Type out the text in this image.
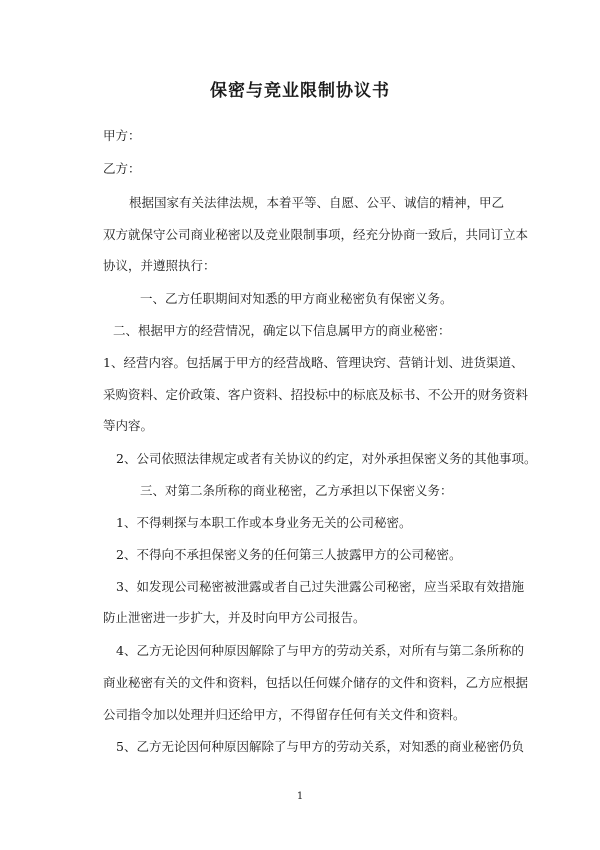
保密与竞业限制协议书
甲方：
乙方：
根据国家有关法律法规，本着平等、自愿、公平、诚信的精神，甲乙
双方就保守公司商业秘密以及竞业限制事项，经充分协商一致后，共同订立本
协议，并遵照执行：
一、乙方任职期间对知悉的甲方商业秘密负有保密义务。
二、根据甲方的经营情况，确定以下信息属甲方的商业秘密：
1、经营内容。包括属于甲方的经营战略、管理诀窍、营销计划、进货渠道、
采购资料、定价政策、客户资料、招投标中的标底及标书、不公开的财务资料
等内容。
2、公司依照法律规定或者有关协议的约定，对外承担保密义务的其他事项。
三、对第二条所称的商业秘密，乙方承担以下保密义务：
1、不得刺探与本职工作或本身业务无关的公司秘密。
2、不得向不承担保密义务的任何第三人披露甲方的公司秘密。
3、如发现公司秘密被泄露或者自己过失泄露公司秘密，应当采取有效措施
防止泄密进一步扩大，并及时向甲方公司报告。
4、乙方无论因何种原因解除了与甲方的劳动关系，对所有与第二条所称的
商业秘密有关的文件和资料，包括以任何媒介储存的文件和资料，乙方应根据
公司指令加以处理并归还给甲方，不得留存任何有关文件和资料。
5、乙方无论因何种原因解除了与甲方的劳动关系，对知悉的商业秘密仍负
1
